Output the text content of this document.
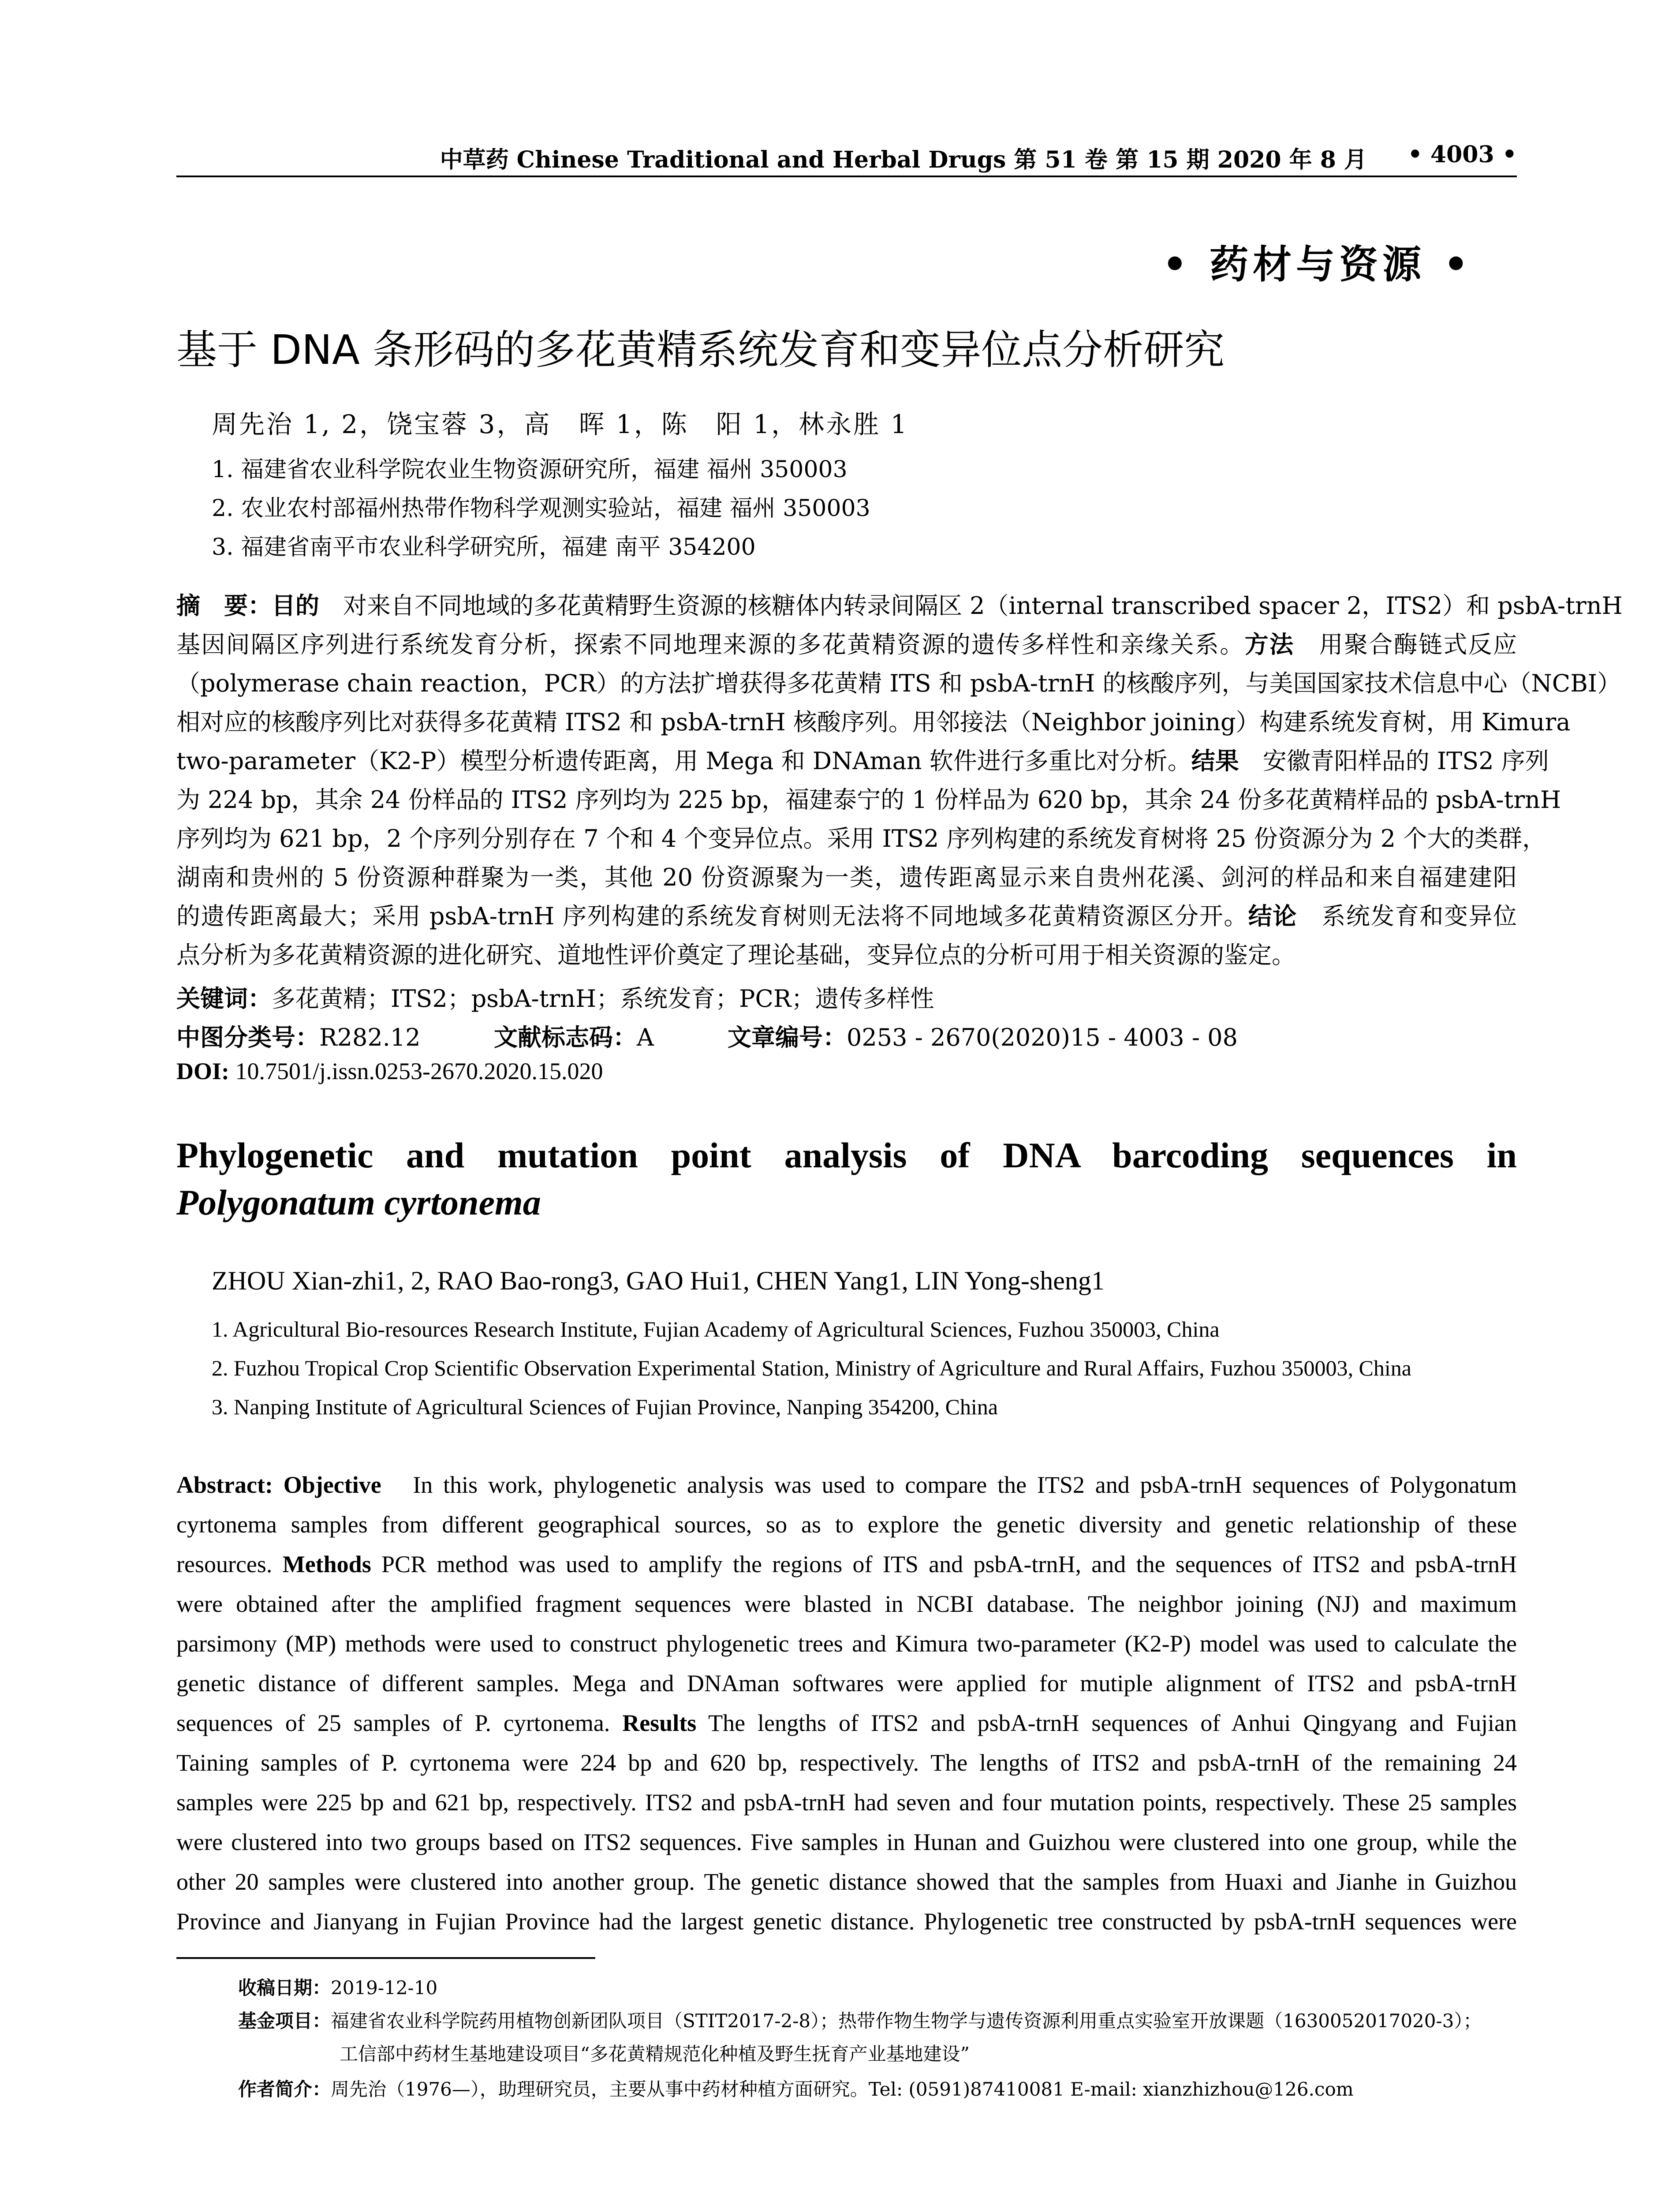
中草药 Chinese Traditional and Herbal Drugs 第 51 卷 第 15 期 2020 年 8 月	• 4003 •
• 药材与资源 •
基于 DNA 条形码的多花黄精系统发育和变异位点分析研究
周先治 1, 2，饶宝蓉 3，高　晖 1，陈　阳 1，林永胜 1
1. 福建省农业科学院农业生物资源研究所，福建 福州 350003
2. 农业农村部福州热带作物科学观测实验站，福建 福州 350003
3. 福建省南平市农业科学研究所，福建 南平 354200
摘　要：目的　对来自不同地域的多花黄精野生资源的核糖体内转录间隔区 2（internal transcribed spacer 2，ITS2）和 psbA-trnH
基因间隔区序列进行系统发育分析，探索不同地理来源的多花黄精资源的遗传多样性和亲缘关系。方法　用聚合酶链式反应
（polymerase chain reaction，PCR）的方法扩增获得多花黄精 ITS 和 psbA-trnH 的核酸序列，与美国国家技术信息中心（NCBI）
相对应的核酸序列比对获得多花黄精 ITS2 和 psbA-trnH 核酸序列。用邻接法（Neighbor joining）构建系统发育树，用 Kimura
two-parameter（K2-P）模型分析遗传距离，用 Mega 和 DNAman 软件进行多重比对分析。结果　安徽青阳样品的 ITS2 序列
为 224 bp，其余 24 份样品的 ITS2 序列均为 225 bp，福建泰宁的 1 份样品为 620 bp，其余 24 份多花黄精样品的 psbA-trnH
序列均为 621 bp，2 个序列分别存在 7 个和 4 个变异位点。采用 ITS2 序列构建的系统发育树将 25 份资源分为 2 个大的类群，
湖南和贵州的 5 份资源种群聚为一类，其他 20 份资源聚为一类，遗传距离显示来自贵州花溪、剑河的样品和来自福建建阳
的遗传距离最大；采用 psbA-trnH 序列构建的系统发育树则无法将不同地域多花黄精资源区分开。结论　系统发育和变异位
点分析为多花黄精资源的进化研究、道地性评价奠定了理论基础，变异位点的分析可用于相关资源的鉴定。
关键词：多花黄精；ITS2；psbA-trnH；系统发育；PCR；遗传多样性
中图分类号：R282.12	文献标志码：A	文章编号：0253 - 2670(2020)15 - 4003 - 08
DOI: 10.7501/j.issn.0253-2670.2020.15.020
Phylogenetic and mutation point analysis of DNA barcoding sequences in
Polygonatum cyrtonema
ZHOU Xian-zhi1, 2, RAO Bao-rong3, GAO Hui1, CHEN Yang1, LIN Yong-sheng1
1. Agricultural Bio-resources Research Institute, Fujian Academy of Agricultural Sciences, Fuzhou 350003, China
2. Fuzhou Tropical Crop Scientific Observation Experimental Station, Ministry of Agriculture and Rural Affairs, Fuzhou 350003, China
3. Nanping Institute of Agricultural Sciences of Fujian Province, Nanping 354200, China
Abstract: Objective In this work, phylogenetic analysis was used to compare the ITS2 and psbA-trnH sequences of Polygonatum
cyrtonema samples from different geographical sources, so as to explore the genetic diversity and genetic relationship of these
resources. Methods PCR method was used to amplify the regions of ITS and psbA-trnH, and the sequences of ITS2 and psbA-trnH
were obtained after the amplified fragment sequences were blasted in NCBI database. The neighbor joining (NJ) and maximum
parsimony (MP) methods were used to construct phylogenetic trees and Kimura two-parameter (K2-P) model was used to calculate the
genetic distance of different samples. Mega and DNAman softwares were applied for mutiple alignment of ITS2 and psbA-trnH
sequences of 25 samples of P. cyrtonema. Results The lengths of ITS2 and psbA-trnH sequences of Anhui Qingyang and Fujian
Taining samples of P. cyrtonema were 224 bp and 620 bp, respectively. The lengths of ITS2 and psbA-trnH of the remaining 24
samples were 225 bp and 621 bp, respectively. ITS2 and psbA-trnH had seven and four mutation points, respectively. These 25 samples
were clustered into two groups based on ITS2 sequences. Five samples in Hunan and Guizhou were clustered into one group, while the
other 20 samples were clustered into another group. The genetic distance showed that the samples from Huaxi and Jianhe in Guizhou
Province and Jianyang in Fujian Province had the largest genetic distance. Phylogenetic tree constructed by psbA-trnH sequences were
收稿日期：2019-12-10
基金项目：福建省农业科学院药用植物创新团队项目（STIT2017-2-8）；热带作物生物学与遗传资源利用重点实验室开放课题（1630052017020-3）；
工信部中药材生基地建设项目“多花黄精规范化种植及野生抚育产业基地建设”
作者简介：周先治（1976—），助理研究员，主要从事中药材种植方面研究。Tel: (0591)87410081 E-mail: xianzhizhou@126.com
